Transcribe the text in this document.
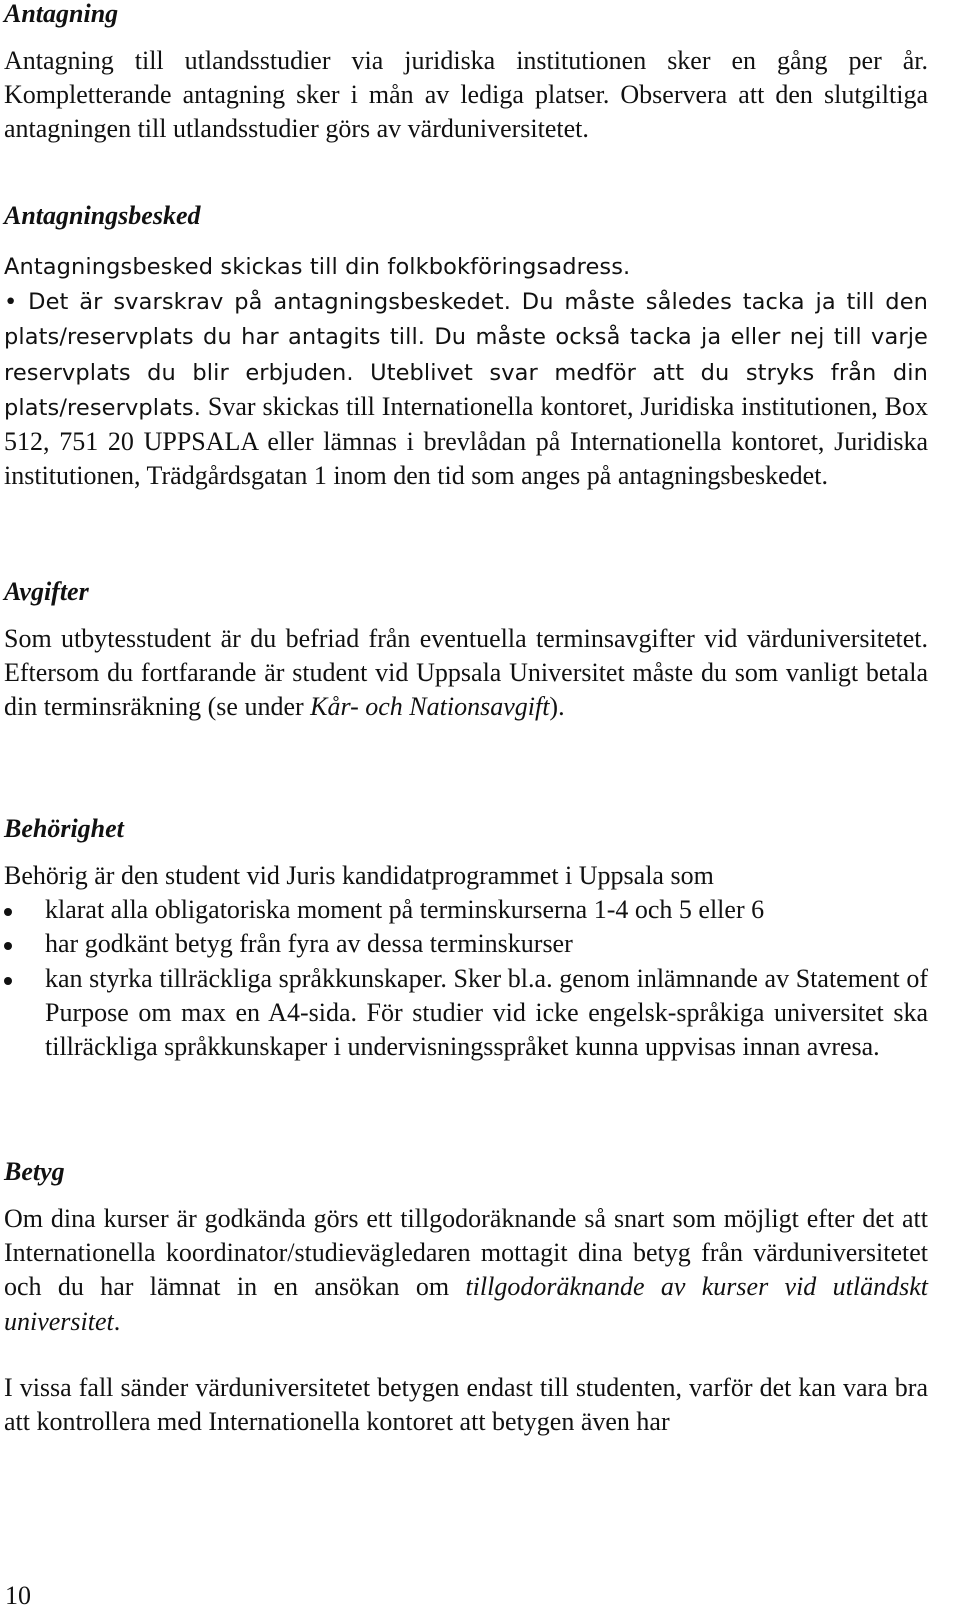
Antagning

Antagning till utlandsstudier via juridiska institutionen sker en gång per år. Kompletterande antagning sker i mån av lediga platser. Observera att den slutgiltiga antagningen till utlandsstudier görs av värduniversitetet.

Antagningsbesked

Antagningsbesked skickas till din folkbokföringsadress.

• Det är svarskrav på antagningsbeskedet. Du måste således tacka ja till den plats/reservplats du har antagits till. Du måste också tacka ja eller nej till varje reservplats du blir erbjuden. Uteblivet svar medför att du stryks från din plats/reservplats. Svar skickas till Internationella kontoret, Juridiska institutionen, Box 512, 751 20 UPPSALA eller lämnas i brevlådan på Internationella kontoret, Juridiska institutionen, Trädgårdsgatan 1 inom den tid som anges på antagningsbeskedet.

Avgifter

Som utbytesstudent är du befriad från eventuella terminsavgifter vid värduniversitetet. Eftersom du fortfarande är student vid Uppsala Universitet måste du som vanligt betala din terminsräkning (se under Kår- och Nationsavgift).

Behörighet

Behörig är den student vid Juris kandidatprogrammet i Uppsala som

klarat alla obligatoriska moment på terminskurserna 1-4 och 5 eller 6
har godkänt betyg från fyra av dessa terminskurser
kan styrka tillräckliga språkkunskaper. Sker bl.a. genom inlämnande av Statement of Purpose om max en A4-sida. För studier vid icke engelsk-språkiga universitet ska tillräckliga språkkunskaper i undervisningsspråket kunna uppvisas innan avresa.
Betyg

Om dina kurser är godkända görs ett tillgodoräknande så snart som möjligt efter det att Internationella koordinator/studievägledaren mottagit dina betyg från värduniversitetet och du har lämnat in en ansökan om tillgodoräknande av kurser vid utländskt universitet.

I vissa fall sänder värduniversitetet betygen endast till studenten, varför det kan vara bra att kontrollera med Internationella kontoret att betygen även har

10
